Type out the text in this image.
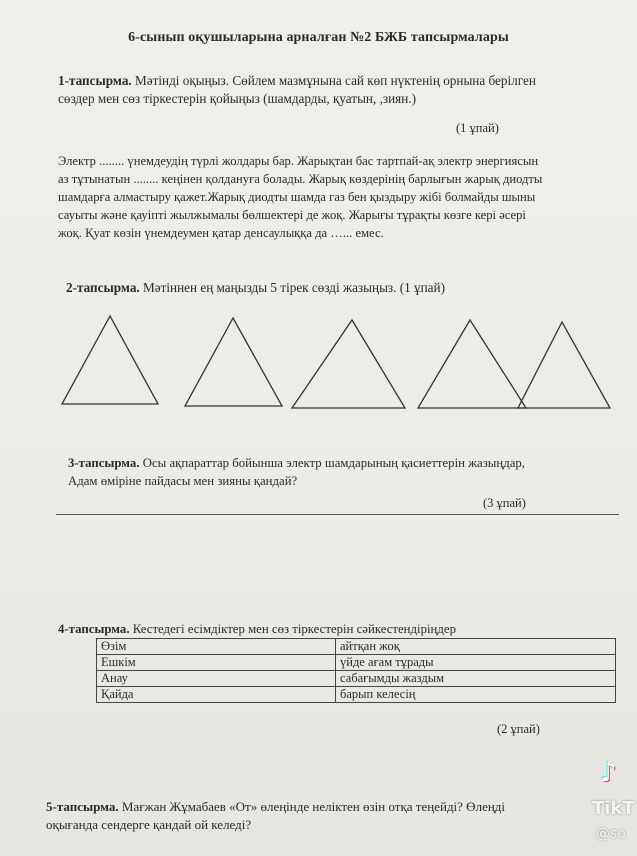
6-сынып оқушыларына арналған №2 БЖБ тапсырмалары
1-тапсырма. Мәтінді оқыңыз. Сөйлем мазмұнына сай көп нүктенің орнына берілген
сөздер мен сөз тіркестерін қойыңыз (шамдарды, қуатын, ,зиян.)
(1 ұпай)
Электр ........ үнемдеудің түрлі жолдары бар. Жарықтан бас тартпай-ақ электр энергиясын
аз тұтынатын ........ кеңінен қолдануға болады. Жарық көздерінің барлығын жарық диодты
шамдарға алмастыру қажет.Жарық диодты шамда газ бен қыздыру жібі болмайды шыны
сауыты және қауіпті жылжымалы бөлшектері де жоқ. Жарығы тұрақты көзге кері әсері
жоқ. Қуат көзін үнемдеумен қатар денсаулыққа да …... емес.
2-тапсырма. Мәтіннен ең маңызды 5 тірек сөзді жазыңыз. (1 ұпай)
3-тапсырма. Осы ақпараттар бойынша электр шамдарының қасиеттерін жазыңдар,
Адам өміріне пайдасы мен зияны қандай?
(3 ұпай)
4-тапсырма. Кестедегі есімдіктер мен сөз тіркестерін сәйкестендіріңдер
Өзім	айтқан жоқ
Ешкім	үйде ағам тұрады
Анау	сабағымды жаздым
Қайда	барып келесің
(2 ұпай)
5-тапсырма. Мағжан Жұмабаев «От» өлеңінде неліктен өзін отқа теңейді? Өлеңді
оқығанда сендерге қандай ой келеді?
♪
TikT
@so
